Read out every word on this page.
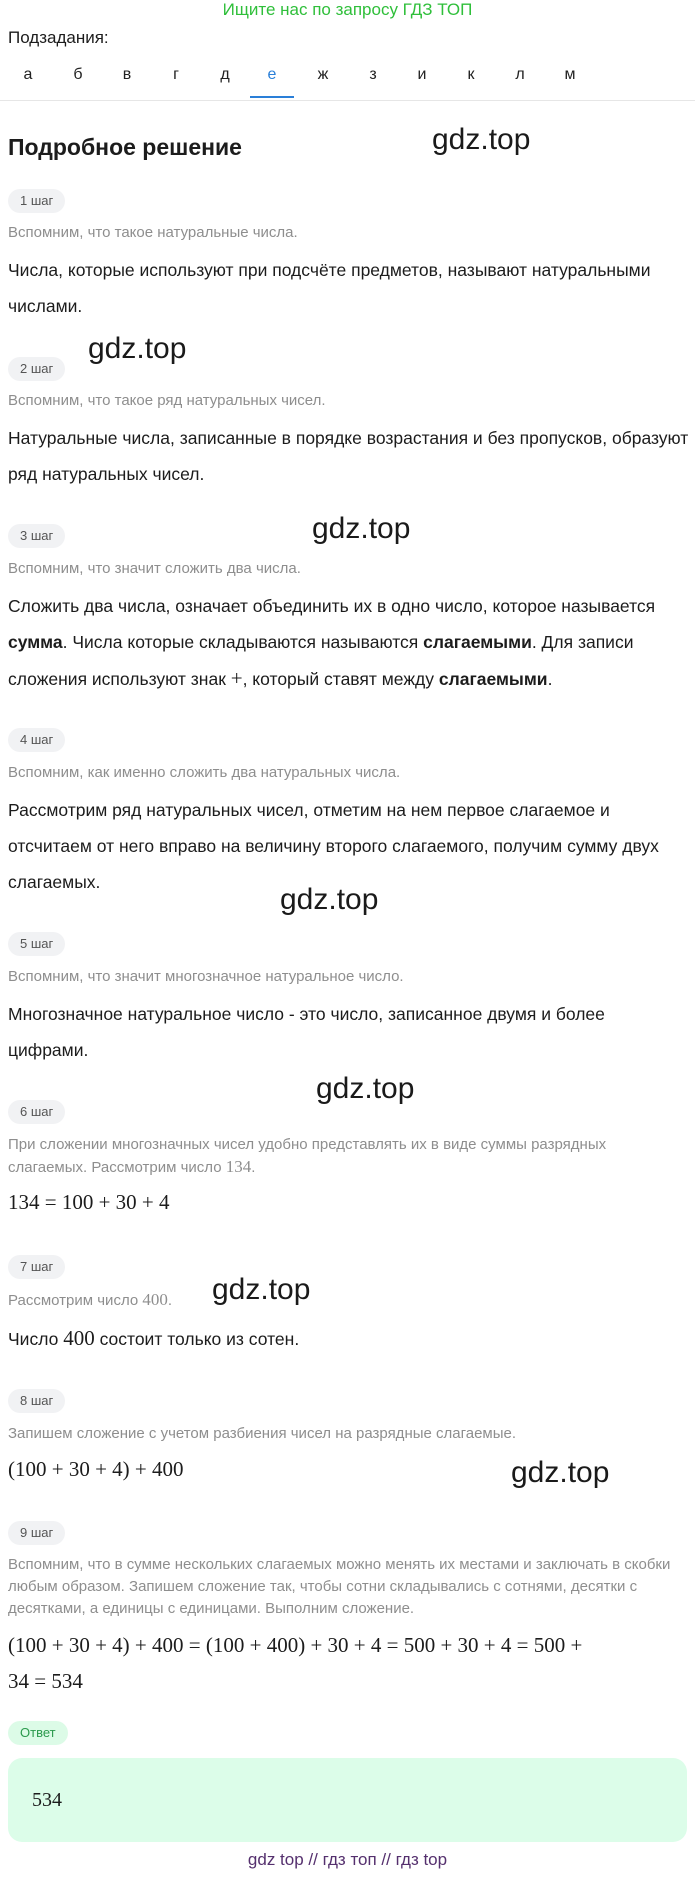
Ищите нас по запросу ГДЗ ТОП
Подзадания:
а	б	в	г	д	е	ж	з	и	к	л	м
Подробное решение	gdz.top
gdz.top
gdz.top
gdz.top
gdz.top
gdz.top
gdz.top
1 шаг
Вспомним, что такое натуральные числа.
Числа, которые используют при подсчёте предметов, называют натуральными числами.
2 шаг
Вспомним, что такое ряд натуральных чисел.
Натуральные числа, записанные в порядке возрастания и без пропусков, образуют ряд натуральных чисел.
3 шаг
Вспомним, что значит сложить два числа.
Сложить два числа, означает объединить их в одно число, которое называется сумма. Числа которые складываются называются слагаемыми. Для записи сложения используют знак +, который ставят между слагаемыми.
4 шаг
Вспомним, как именно сложить два натуральных числа.
Рассмотрим ряд натуральных чисел, отметим на нем первое слагаемое и отсчитаем от него вправо на величину второго слагаемого, получим сумму двух слагаемых.
5 шаг
Вспомним, что значит многозначное натуральное число.
Многозначное натуральное число - это число, записанное двумя и более цифрами.
6 шаг
При сложении многозначных чисел удобно представлять их в виде суммы разрядных слагаемых. Рассмотрим число 134.
134 = 100 + 30 + 4
7 шаг
Рассмотрим число 400.
Число 400 состоит только из сотен.
8 шаг
Запишем сложение с учетом разбиения чисел на разрядные слагаемые.
(100 + 30 + 4) + 400
9 шаг
Вспомним, что в сумме нескольких слагаемых можно менять их местами и заключать в скобки любым образом. Запишем сложение так, чтобы сотни складывались с сотнями, десятки с десятками, а единицы с единицами. Выполним сложение.
(100 + 30 + 4) + 400 = (100 + 400) + 30 + 4 = 500 + 30 + 4 = 500 +
34 = 534
Ответ
534
gdz top // гдз топ // гдз top
